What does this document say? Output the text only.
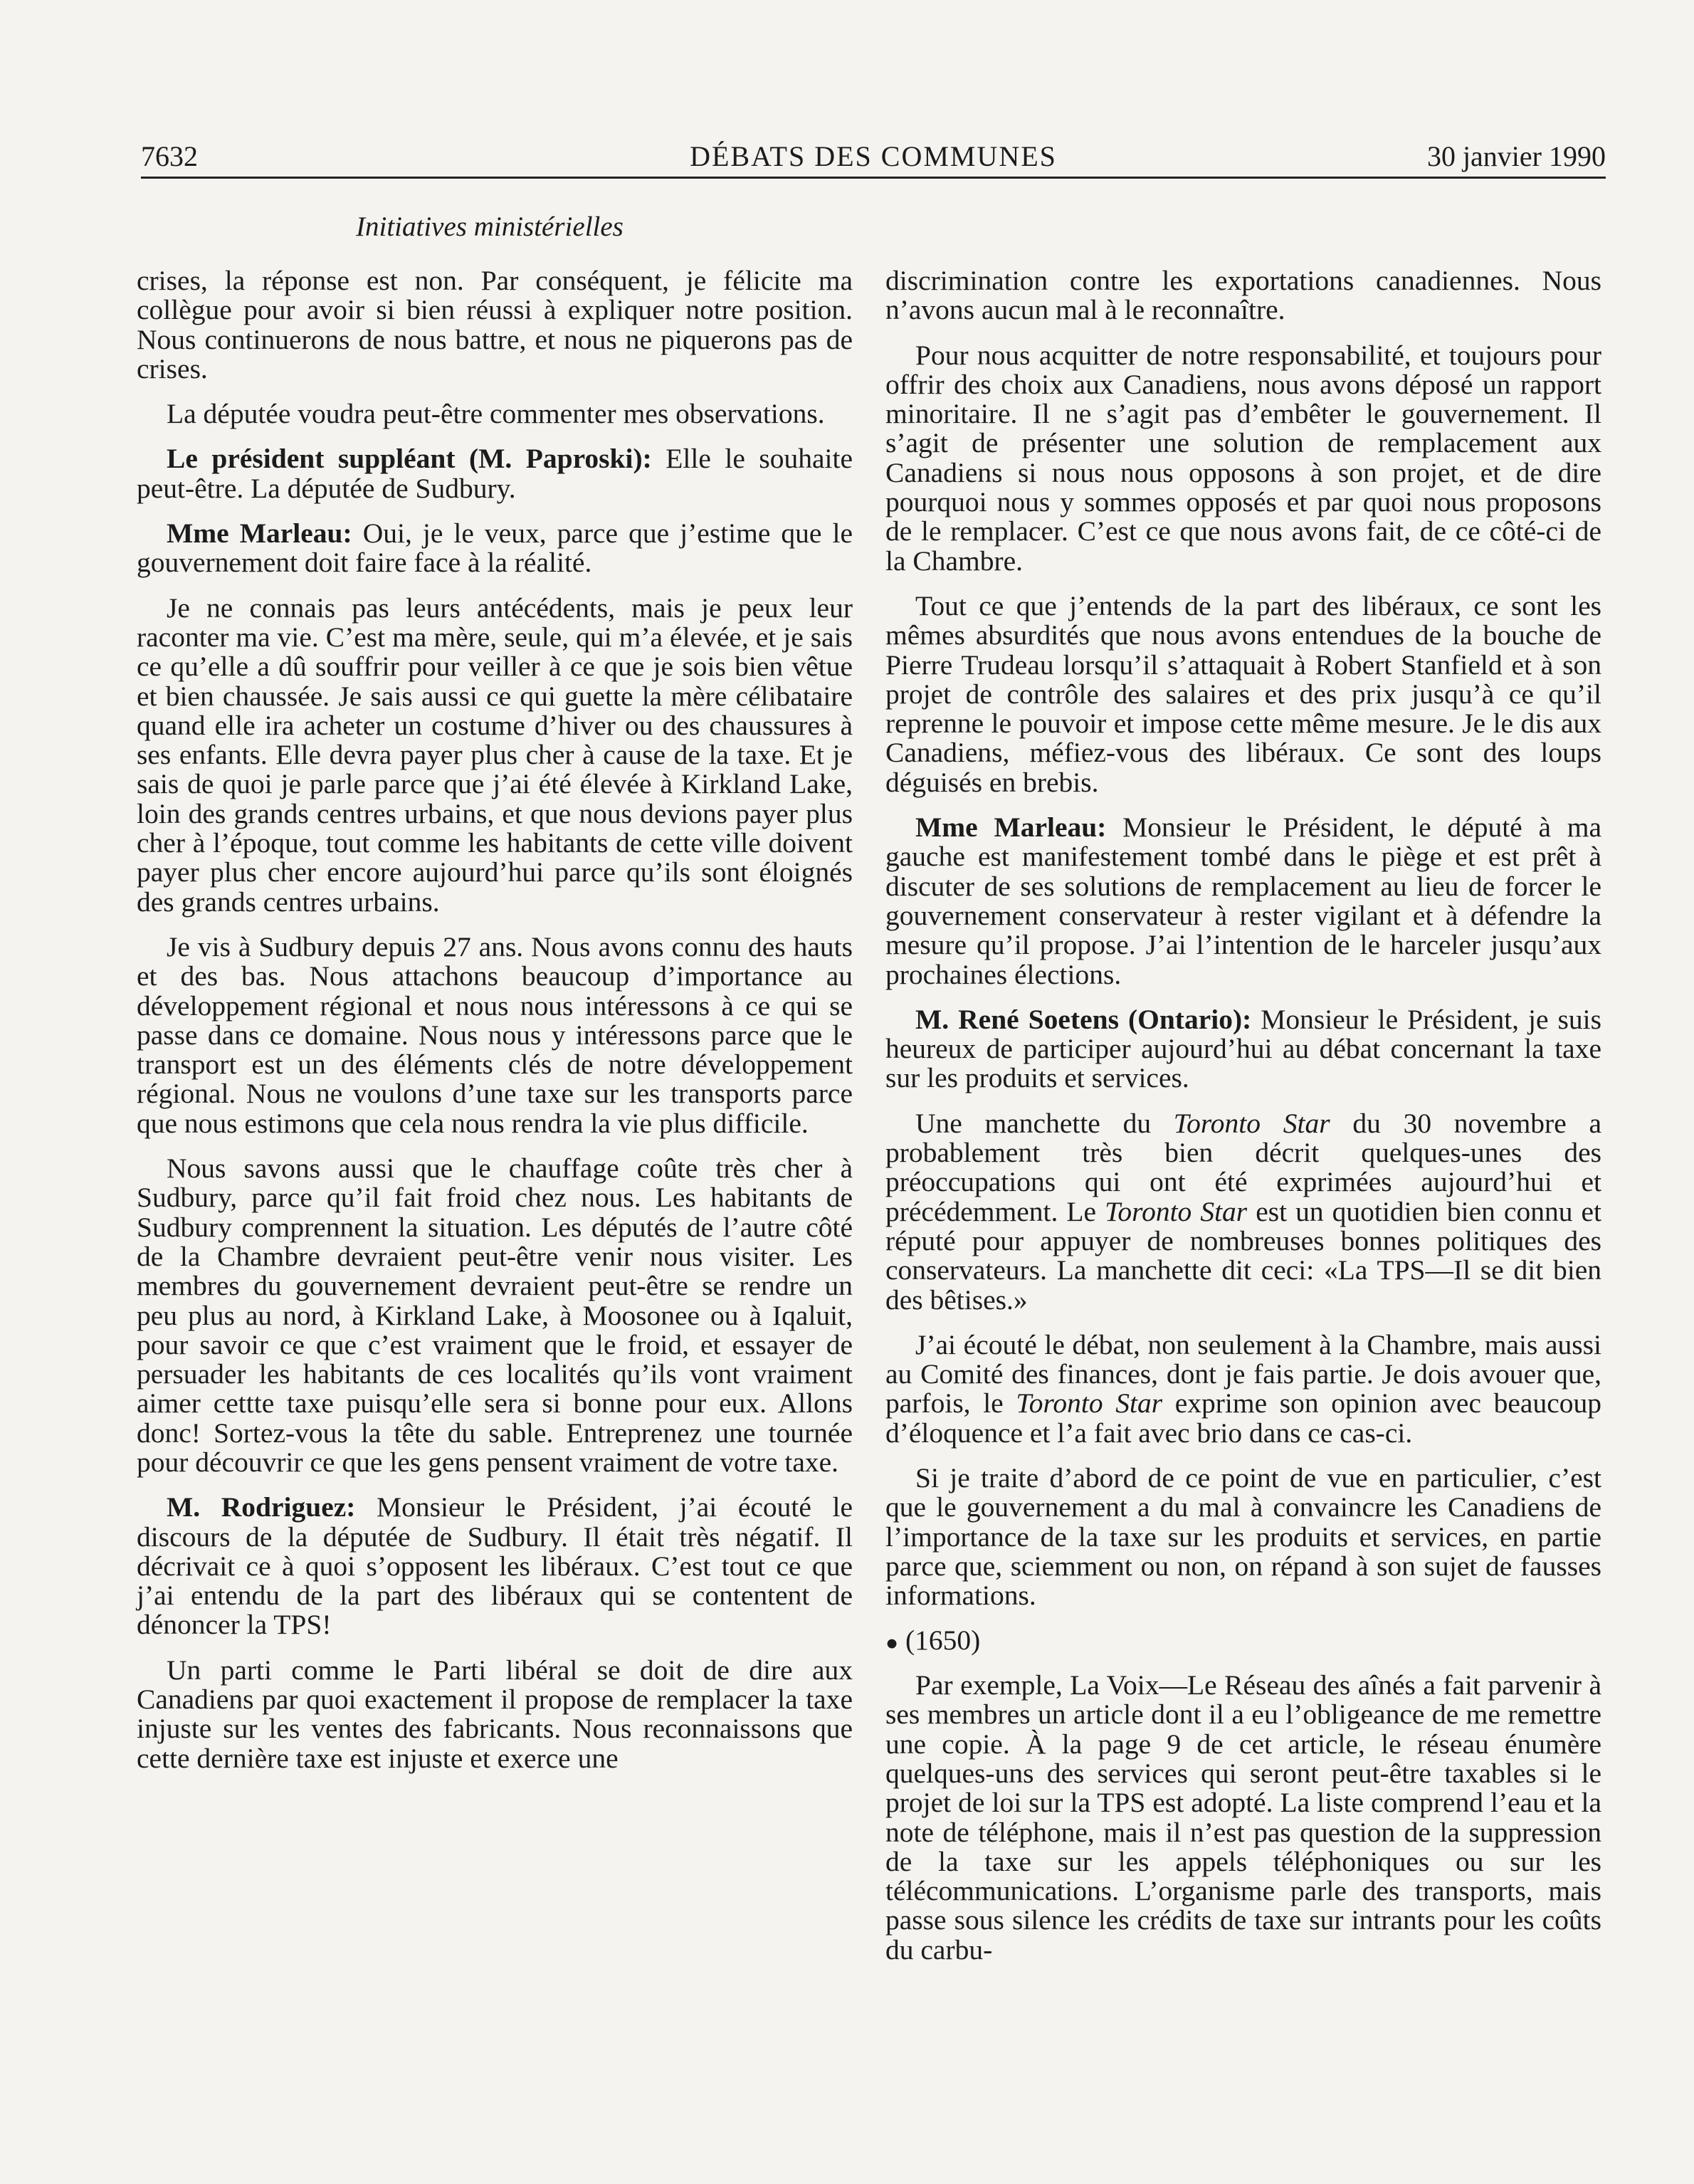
7632	DÉBATS DES COMMUNES	30 janvier 1990
Initiatives ministérielles

crises, la réponse est non. Par conséquent, je félicite ma collègue pour avoir si bien réussi à expliquer notre position. Nous continuerons de nous battre, et nous ne piquerons pas de crises.

La députée voudra peut-être commenter mes observations.

Le président suppléant (M. Paproski): Elle le souhaite peut-être. La députée de Sudbury.

Mme Marleau: Oui, je le veux, parce que j’estime que le gouvernement doit faire face à la réalité.

Je ne connais pas leurs antécédents, mais je peux leur raconter ma vie. C’est ma mère, seule, qui m’a élevée, et je sais ce qu’elle a dû souffrir pour veiller à ce que je sois bien vêtue et bien chaussée. Je sais aussi ce qui guette la mère célibataire quand elle ira acheter un costume d’hiver ou des chaussures à ses enfants. Elle devra payer plus cher à cause de la taxe. Et je sais de quoi je parle parce que j’ai été élevée à Kirkland Lake, loin des grands centres urbains, et que nous devions payer plus cher à l’époque, tout comme les habitants de cette ville doivent payer plus cher encore aujourd’hui parce qu’ils sont éloignés des grands centres urbains.

Je vis à Sudbury depuis 27 ans. Nous avons connu des hauts et des bas. Nous attachons beaucoup d’importance au développement régional et nous nous intéressons à ce qui se passe dans ce domaine. Nous nous y intéressons parce que le transport est un des éléments clés de notre développement régional. Nous ne voulons d’une taxe sur les transports parce que nous estimons que cela nous rendra la vie plus difficile.

Nous savons aussi que le chauffage coûte très cher à Sudbury, parce qu’il fait froid chez nous. Les habitants de Sudbury comprennent la situation. Les députés de l’autre côté de la Chambre devraient peut-être venir nous visiter. Les membres du gouvernement devraient peut-être se rendre un peu plus au nord, à Kirkland Lake, à Moosonee ou à Iqaluit, pour savoir ce que c’est vraiment que le froid, et essayer de persuader les habitants de ces localités qu’ils vont vraiment aimer cettte taxe puisqu’elle sera si bonne pour eux. Allons donc! Sortez-vous la tête du sable. Entreprenez une tournée pour découvrir ce que les gens pensent vraiment de votre taxe.

M. Rodriguez: Monsieur le Président, j’ai écouté le discours de la députée de Sudbury. Il était très négatif. Il décrivait ce à quoi s’opposent les libéraux. C’est tout ce que j’ai entendu de la part des libéraux qui se contentent de dénoncer la TPS!

Un parti comme le Parti libéral se doit de dire aux Canadiens par quoi exactement il propose de remplacer la taxe injuste sur les ventes des fabricants. Nous reconnaissons que cette dernière taxe est injuste et exerce une

discrimination contre les exportations canadiennes. Nous n’avons aucun mal à le reconnaître.

Pour nous acquitter de notre responsabilité, et toujours pour offrir des choix aux Canadiens, nous avons déposé un rapport minoritaire. Il ne s’agit pas d’embêter le gouvernement. Il s’agit de présenter une solution de remplacement aux Canadiens si nous nous opposons à son projet, et de dire pourquoi nous y sommes opposés et par quoi nous proposons de le remplacer. C’est ce que nous avons fait, de ce côté-ci de la Chambre.

Tout ce que j’entends de la part des libéraux, ce sont les mêmes absurdités que nous avons entendues de la bouche de Pierre Trudeau lorsqu’il s’attaquait à Robert Stanfield et à son projet de contrôle des salaires et des prix jusqu’à ce qu’il reprenne le pouvoir et impose cette même mesure. Je le dis aux Canadiens, méfiez-vous des libéraux. Ce sont des loups déguisés en brebis.

Mme Marleau: Monsieur le Président, le député à ma gauche est manifestement tombé dans le piège et est prêt à discuter de ses solutions de remplacement au lieu de forcer le gouvernement conservateur à rester vigilant et à défendre la mesure qu’il propose. J’ai l’intention de le harceler jusqu’aux prochaines élections.

M. René Soetens (Ontario): Monsieur le Président, je suis heureux de participer aujourd’hui au débat concernant la taxe sur les produits et services.

Une manchette du Toronto Star du 30 novembre a probablement très bien décrit quelques-unes des préoccupations qui ont été exprimées aujourd’hui et précédemment. Le Toronto Star est un quotidien bien connu et réputé pour appuyer de nombreuses bonnes politiques des conservateurs. La manchette dit ceci: «La TPS—Il se dit bien des bêtises.»

J’ai écouté le débat, non seulement à la Chambre, mais aussi au Comité des finances, dont je fais partie. Je dois avouer que, parfois, le Toronto Star exprime son opinion avec beaucoup d’éloquence et l’a fait avec brio dans ce cas-ci.

Si je traite d’abord de ce point de vue en particulier, c’est que le gouvernement a du mal à convaincre les Canadiens de l’importance de la taxe sur les produits et services, en partie parce que, sciemment ou non, on répand à son sujet de fausses informations.

● (1650)

Par exemple, La Voix—Le Réseau des aînés a fait parvenir à ses membres un article dont il a eu l’obligeance de me remettre une copie. À la page 9 de cet article, le réseau énumère quelques-uns des services qui seront peut-être taxables si le projet de loi sur la TPS est adopté. La liste comprend l’eau et la note de téléphone, mais il n’est pas question de la suppression de la taxe sur les appels téléphoniques ou sur les télécommunications. L’organisme parle des transports, mais passe sous silence les crédits de taxe sur intrants pour les coûts du carbu-
